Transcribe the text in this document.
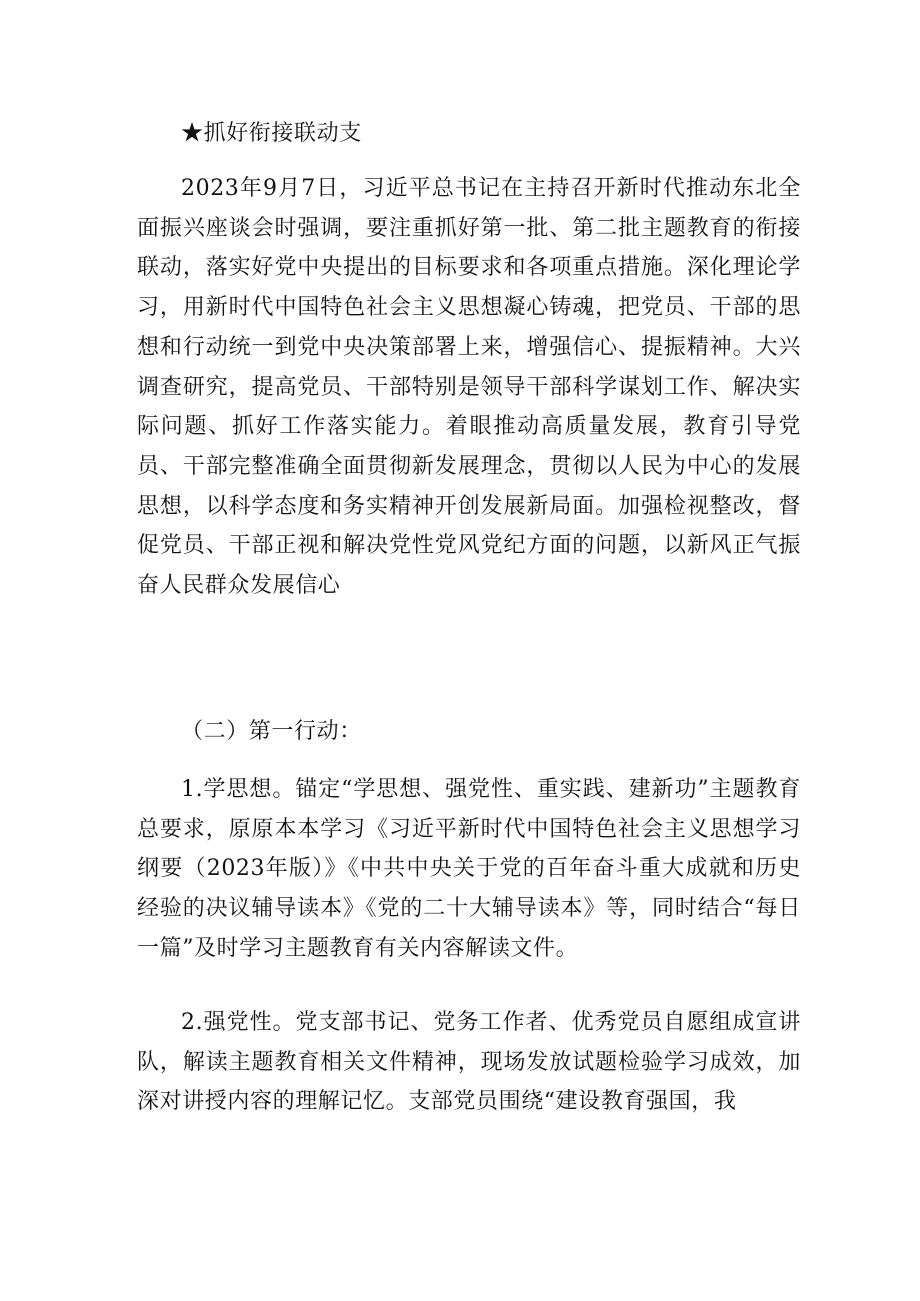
★抓好衔接联动支

2023年9月7日，习近平总书记在主持召开新时代推动东北全面振兴座谈会时强调，要注重抓好第一批、第二批主题教育的衔接联动，落实好党中央提出的目标要求和各项重点措施。深化理论学习，用新时代中国特色社会主义思想凝心铸魂，把党员、干部的思想和行动统一到党中央决策部署上来，增强信心、提振精神。大兴调查研究，提高党员、干部特别是领导干部科学谋划工作、解决实际问题、抓好工作落实能力。着眼推动高质量发展，教育引导党员、干部完整准确全面贯彻新发展理念，贯彻以人民为中心的发展思想，以科学态度和务实精神开创发展新局面。加强检视整改，督促党员、干部正视和解决党性党风党纪方面的问题，以新风正气振奋人民群众发展信心

（二）第一行动：

1.学思想。锚定“学思想、强党性、重实践、建新功”主题教育总要求，原原本本学习《习近平新时代中国特色社会主义思想学习纲要（2023年版）》《中共中央关于党的百年奋斗重大成就和历史经验的决议辅导读本》《党的二十大辅导读本》等，同时结合“每日一篇”及时学习主题教育有关内容解读文件。

2.强党性。党支部书记、党务工作者、优秀党员自愿组成宣讲队，解读主题教育相关文件精神，现场发放试题检验学习成效，加深对讲授内容的理解记忆。支部党员围绕“建设教育强国，我
